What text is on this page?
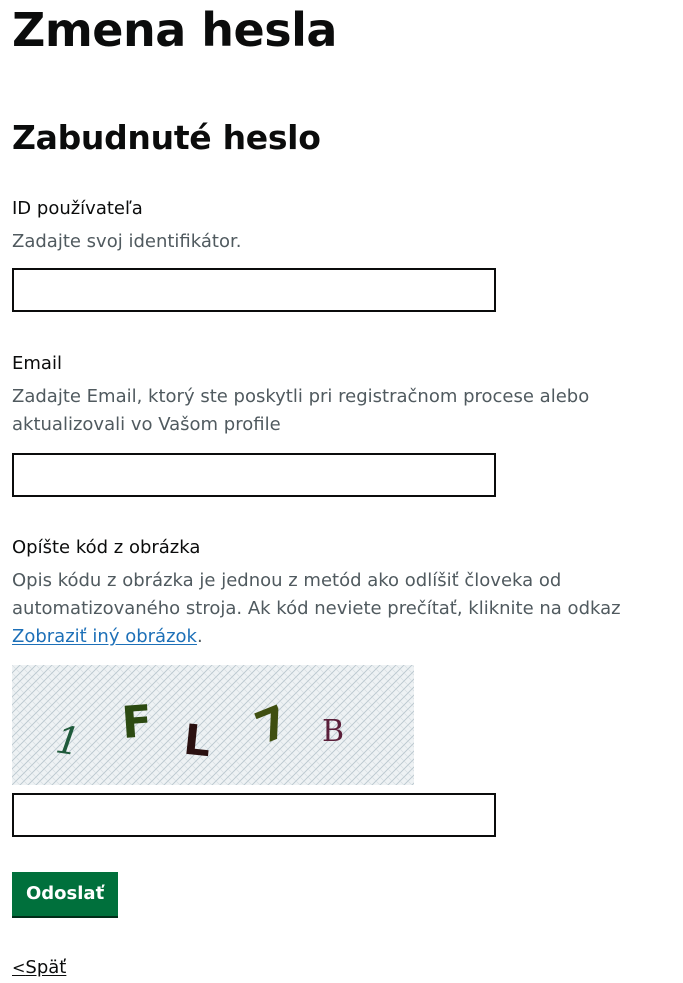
Zmena hesla
Zabudnuté heslo
ID používateľa
Zadajte svoj identifikátor.
Email
Zadajte Email, ktorý ste poskytli pri registračnom procese alebo aktualizovali vo Vašom profile
Opíšte kód z obrázka
Opis kódu z obrázka je jednou z metód ako odlíšiť človeka od automatizovaného stroja. Ak kód neviete prečítať, kliknite na odkaz Zobraziť iný obrázok.
1 F L 7 B
Odoslať
<Späť
